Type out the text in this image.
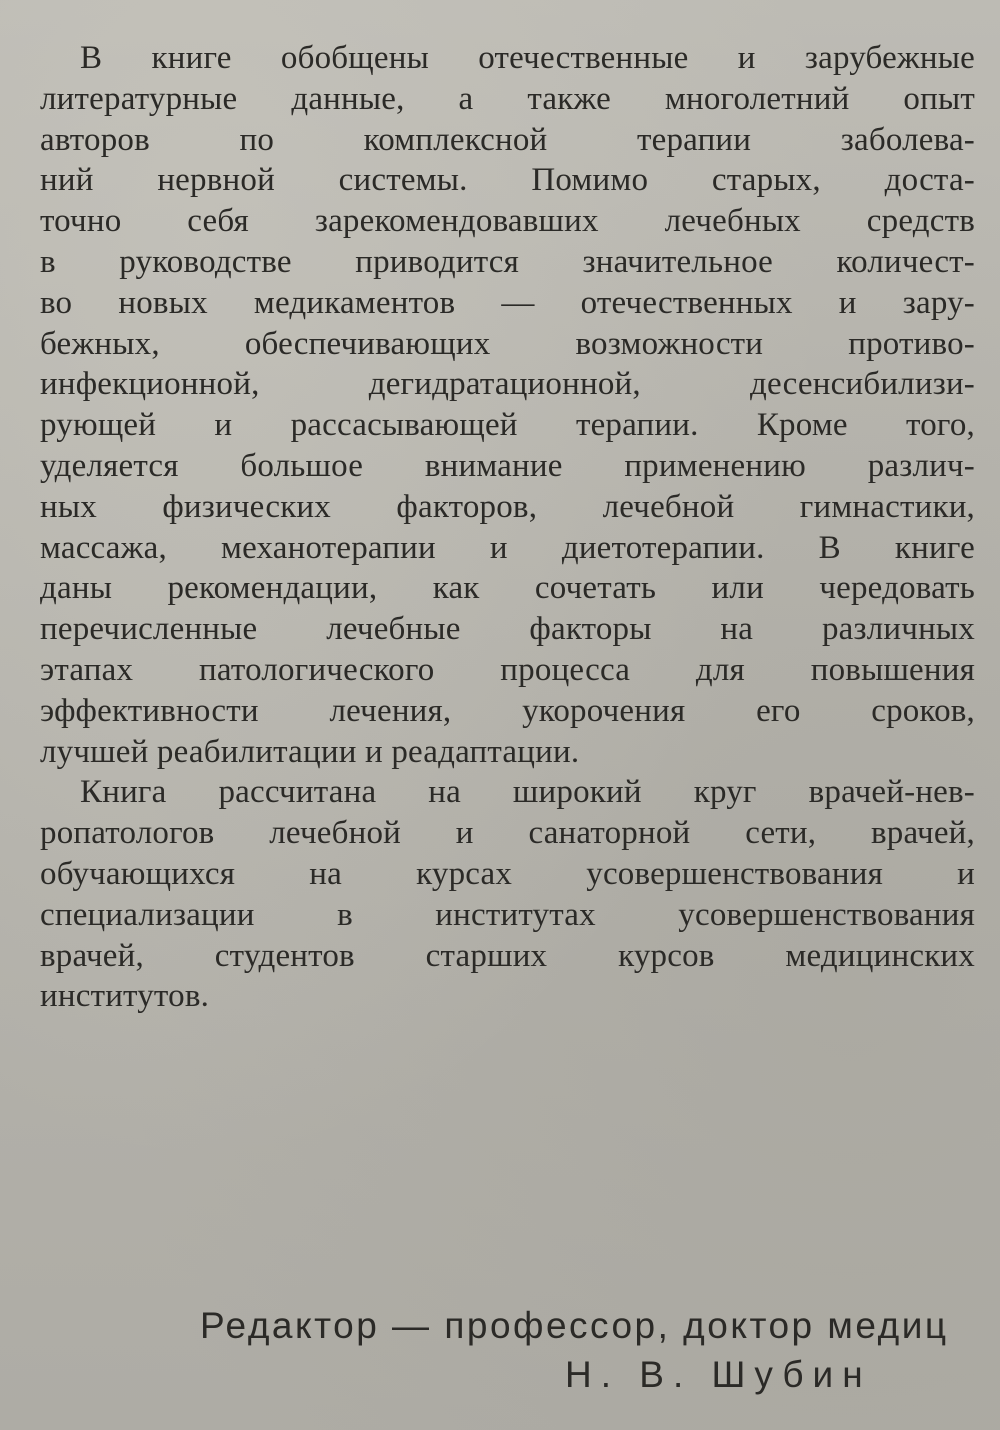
В книге обобщены отечественные и зарубежные
литературные данные, а также многолетний опыт
авторов по комплексной терапии заболева-
ний нервной системы. Помимо старых, доста-
точно себя зарекомендовавших лечебных средств
в руководстве приводится значительное количест-
во новых медикаментов — отечественных и зару-
бежных, обеспечивающих возможности противо-
инфекционной, дегидратационной, десенсибилизи-
рующей и рассасывающей терапии. Кроме того,
уделяется большое внимание применению различ-
ных физических факторов, лечебной гимнастики,
массажа, механотерапии и диетотерапии. В книге
даны рекомендации, как сочетать или чередовать
перечисленные лечебные факторы на различных
этапах патологического процесса для повышения
эффективности лечения, укорочения его сроков,
лучшей реабилитации и реадаптации.
Книга рассчитана на широкий круг врачей-нев-
ропатологов лечебной и санаторной сети, врачей,
обучающихся на курсах усовершенствования и
специализации в институтах усовершенствования
врачей, студентов старших курсов медицинских
институтов.
Редактор — профессор, доктор медиц
Н. В. Шубин
